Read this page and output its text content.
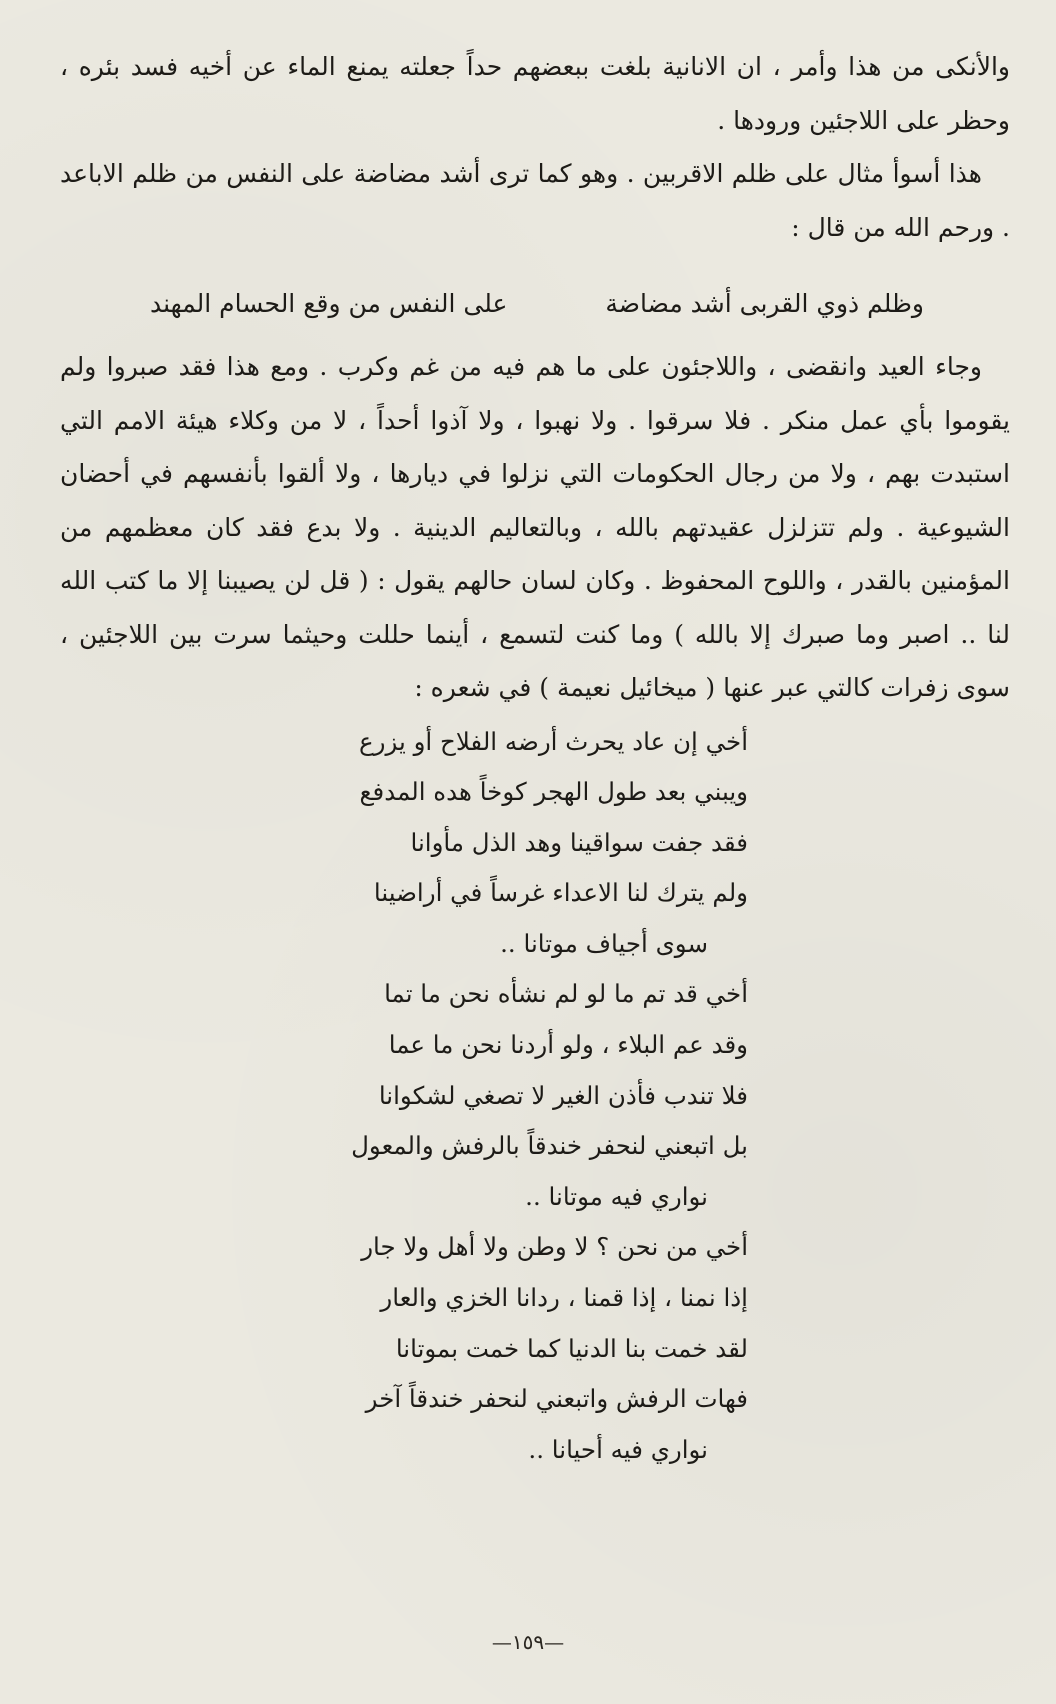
والأنكى من هذا وأمر ، ان الانانية بلغت ببعضهم حداً جعلته يمنع الماء عن أخيه فسد بئره ، وحظر على اللاجئين ورودها .

هذا أسوأ مثال على ظلم الاقربين . وهو كما ترى أشد مضاضة على النفس من ظلم الاباعد . ورحم الله من قال :

وظلم ذوي القربى أشد مضاضة
على النفس من وقع الحسام المهند

وجاء العيد وانقضى ، واللاجئون على ما هم فيه من غم وكرب . ومع هذا فقد صبروا ولم يقوموا بأي عمل منكر . فلا سرقوا . ولا نهبوا ، ولا آذوا أحداً ، لا من وكلاء هيئة الامم التي استبدت بهم ، ولا من رجال الحكومات التي نزلوا في ديارها ، ولا ألقوا بأنفسهم في أحضان الشيوعية . ولم تتزلزل عقيدتهم بالله ، وبالتعاليم الدينية . ولا بدع فقد كان معظمهم من المؤمنين بالقدر ، واللوح المحفوظ . وكان لسان حالهم يقول : ( قل لن يصيبنا إلا ما كتب الله لنا .. اصبر وما صبرك إلا بالله ) وما كنت لتسمع ، أينما حللت وحيثما سرت بين اللاجئين ، سوى زفرات كالتي عبر عنها ( ميخائيل نعيمة ) في شعره :

أخي إن عاد يحرث أرضه الفلاح أو يزرع
ويبني بعد طول الهجر كوخاً هده المدفع
فقد جفت سواقينا وهد الذل مأوانا
ولم يترك لنا الاعداء غرساً في أراضينا
سوى أجياف موتانا ..
أخي قد تم ما لو لم نشأه نحن ما تما
وقد عم البلاء ، ولو أردنا نحن ما عما
فلا تندب فأذن الغير لا تصغي لشكوانا
بل اتبعني لنحفر خندقاً بالرفش والمعول
نواري فيه موتانا ..
أخي من نحن ؟ لا وطن ولا أهل ولا جار
إذا نمنا ، إذا قمنا ، ردانا الخزي والعار
لقد خمت بنا الدنيا كما خمت بموتانا
فهات الرفش واتبعني لنحفر خندقاً آخر
نواري فيه أحيانا ..
—١٥٩—
